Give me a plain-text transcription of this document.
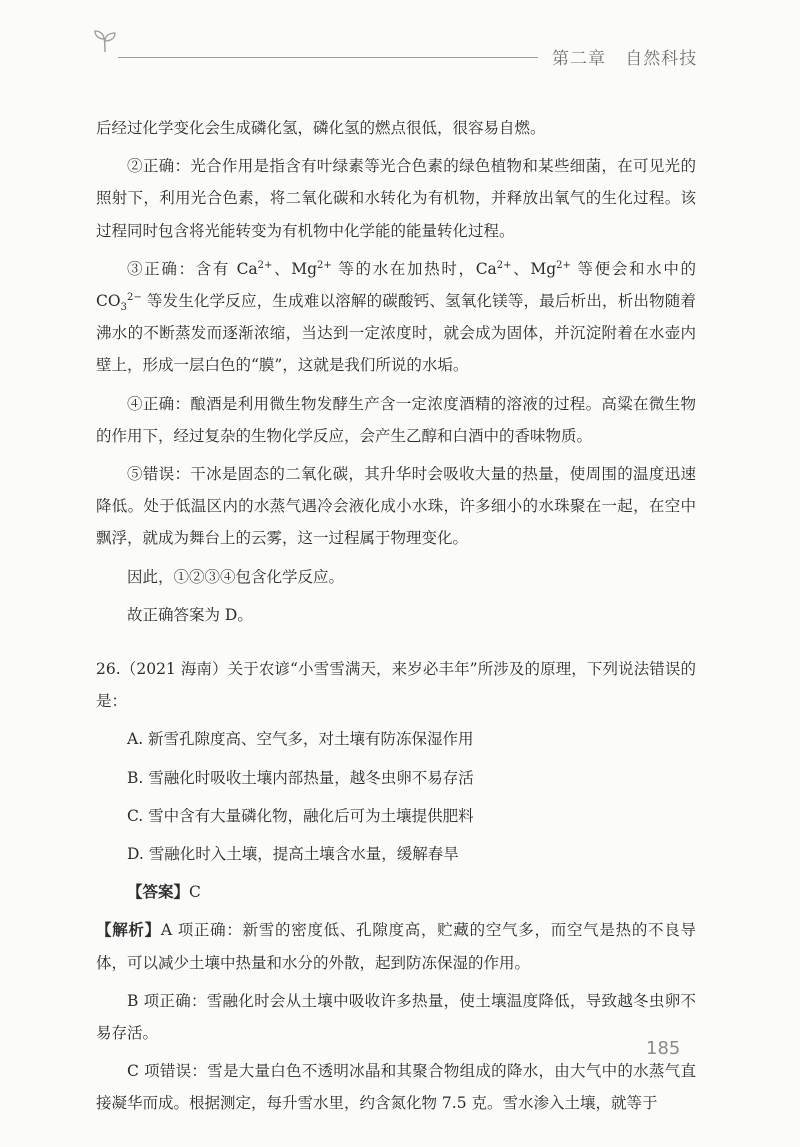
第二章 自然科技

后经过化学变化会生成磷化氢，磷化氢的燃点很低，很容易自燃。

②正确：光合作用是指含有叶绿素等光合色素的绿色植物和某些细菌，在可见光的照射下，利用光合色素，将二氧化碳和水转化为有机物，并释放出氧气的生化过程。该过程同时包含将光能转变为有机物中化学能的能量转化过程。

③正确：含有 $Ca^{2+}$、$Mg^{2+}$ 等的水在加热时，$Ca^{2+}$、$Mg^{2+}$ 等便会和水中的 $CO_3^{2-}$ 等发生化学反应，生成难以溶解的碳酸钙、氢氧化镁等，最后析出，析出物随着沸水的不断蒸发而逐渐浓缩，当达到一定浓度时，就会成为固体，并沉淀附着在水壶内壁上，形成一层白色的“膜”，这就是我们所说的水垢。

④正确：酿酒是利用微生物发酵生产含一定浓度酒精的溶液的过程。高粱在微生物的作用下，经过复杂的生物化学反应，会产生乙醇和白酒中的香味物质。

⑤错误：干冰是固态的二氧化碳，其升华时会吸收大量的热量，使周围的温度迅速降低。处于低温区内的水蒸气遇冷会液化成小水珠，许多细小的水珠聚在一起，在空中飘浮，就成为舞台上的云雾，这一过程属于物理变化。

因此，①②③④包含化学反应。

故正确答案为 D。

26.（2021 海南）关于农谚“小雪雪满天，来岁必丰年”所涉及的原理，下列说法错误的是：

A. 新雪孔隙度高、空气多，对土壤有防冻保湿作用

B. 雪融化时吸收土壤内部热量，越冬虫卵不易存活

C. 雪中含有大量磷化物，融化后可为土壤提供肥料

D. 雪融化时入土壤，提高土壤含水量，缓解春旱

【答案】C

【解析】A 项正确：新雪的密度低、孔隙度高，贮藏的空气多，而空气是热的不良导体，可以减少土壤中热量和水分的外散，起到防冻保湿的作用。

B 项正确：雪融化时会从土壤中吸收许多热量，使土壤温度降低，导致越冬虫卵不易存活。

C 项错误：雪是大量白色不透明冰晶和其聚合物组成的降水，由大气中的水蒸气直接凝华而成。根据测定，每升雪水里，约含氮化物 7.5 克。雪水渗入土壤，就等于

185
